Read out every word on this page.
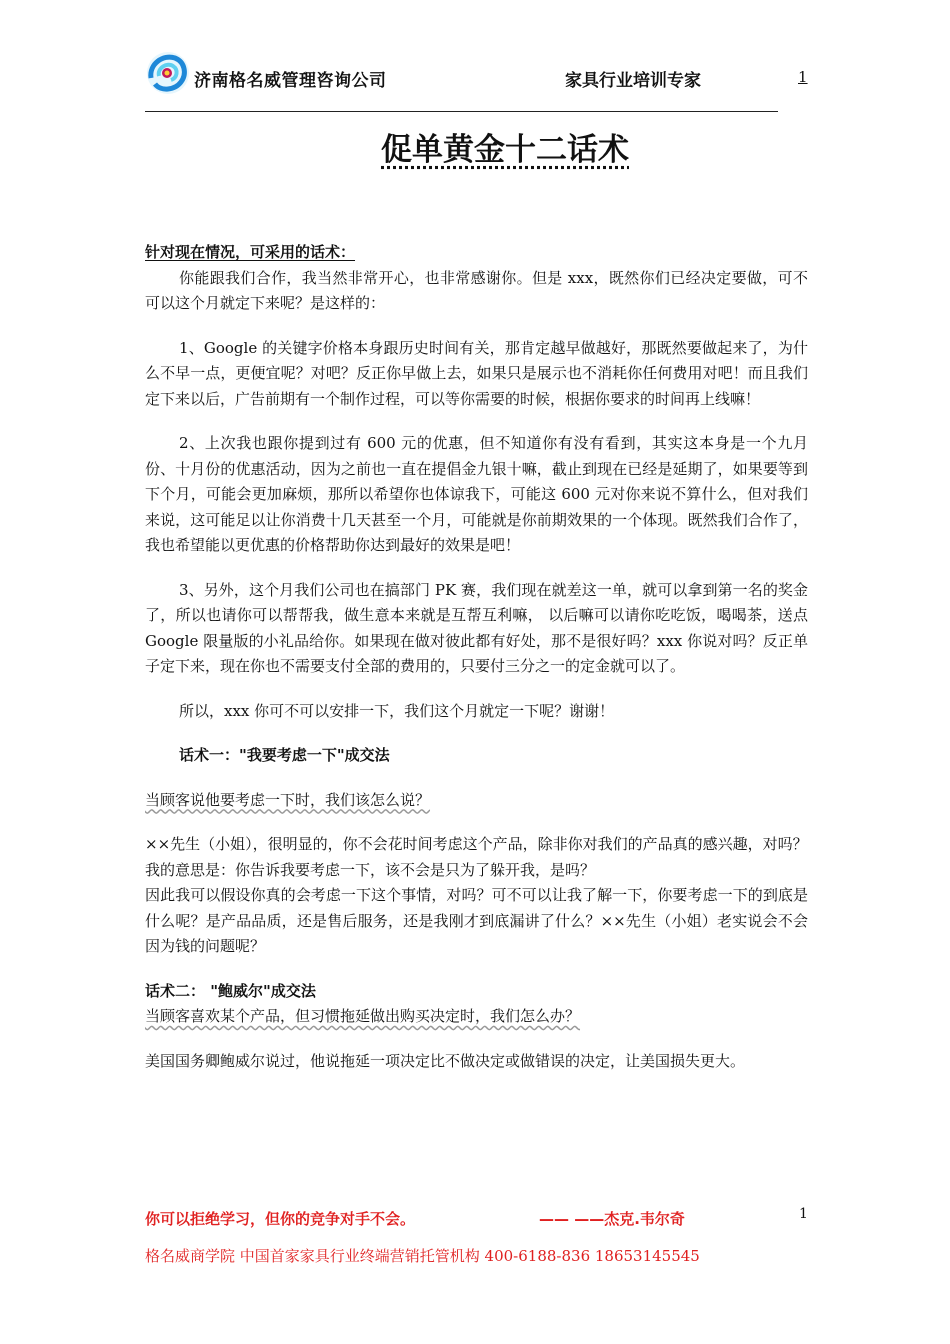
济南格名威管理咨询公司	家具行业培训专家	1
促单黄金十二话术

针对现在情况，可采用的话术：

你能跟我们合作，我当然非常开心，也非常感谢你。但是 xxx，既然你们已经决定要做，可不可以这个月就定下来呢？是这样的：

1、Google 的关键字价格本身跟历史时间有关，那肯定越早做越好，那既然要做起来了，为什么不早一点，更便宜呢？对吧？反正你早做上去，如果只是展示也不消耗你任何费用对吧！而且我们定下来以后，广告前期有一个制作过程，可以等你需要的时候，根据你要求的时间再上线嘛！

2、上次我也跟你提到过有 600 元的优惠，但不知道你有没有看到，其实这本身是一个九月份、十月份的优惠活动，因为之前也一直在提倡金九银十嘛，截止到现在已经是延期了，如果要等到下个月，可能会更加麻烦，那所以希望你也体谅我下，可能这 600 元对你来说不算什么，但对我们来说，这可能足以让你消费十几天甚至一个月，可能就是你前期效果的一个体现。既然我们合作了，我也希望能以更优惠的价格帮助你达到最好的效果是吧！

3、另外，这个月我们公司也在搞部门 PK 赛，我们现在就差这一单，就可以拿到第一名的奖金了，所以也请你可以帮帮我，做生意本来就是互帮互利嘛， 以后嘛可以请你吃吃饭，喝喝茶，送点 Google 限量版的小礼品给你。如果现在做对彼此都有好处，那不是很好吗？xxx 你说对吗？反正单子定下来，现在你也不需要支付全部的费用的，只要付三分之一的定金就可以了。

所以，xxx 你可不可以安排一下，我们这个月就定一下呢？谢谢！

话术一："我要考虑一下"成交法

当顾客说他要考虑一下时，我们该怎么说？

××先生（小姐），很明显的，你不会花时间考虑这个产品，除非你对我们的产品真的感兴趣，对吗？

我的意思是：你告诉我要考虑一下，该不会是只为了躲开我，是吗？

因此我可以假设你真的会考虑一下这个事情，对吗？可不可以让我了解一下，你要考虑一下的到底是什么呢？是产品品质，还是售后服务，还是我刚才到底漏讲了什么？××先生（小姐）老实说会不会因为钱的问题呢？

话术二： "鲍威尔"成交法

当顾客喜欢某个产品，但习惯拖延做出购买决定时，我们怎么办？

美国国务卿鲍威尔说过，他说拖延一项决定比不做决定或做错误的决定，让美国损失更大。

你可以拒绝学习，但你的竞争对手不会。	—— ——杰克.韦尔奇	1
格名威商学院 中国首家家具行业终端营销托管机构 400-6188-836 18653145545
